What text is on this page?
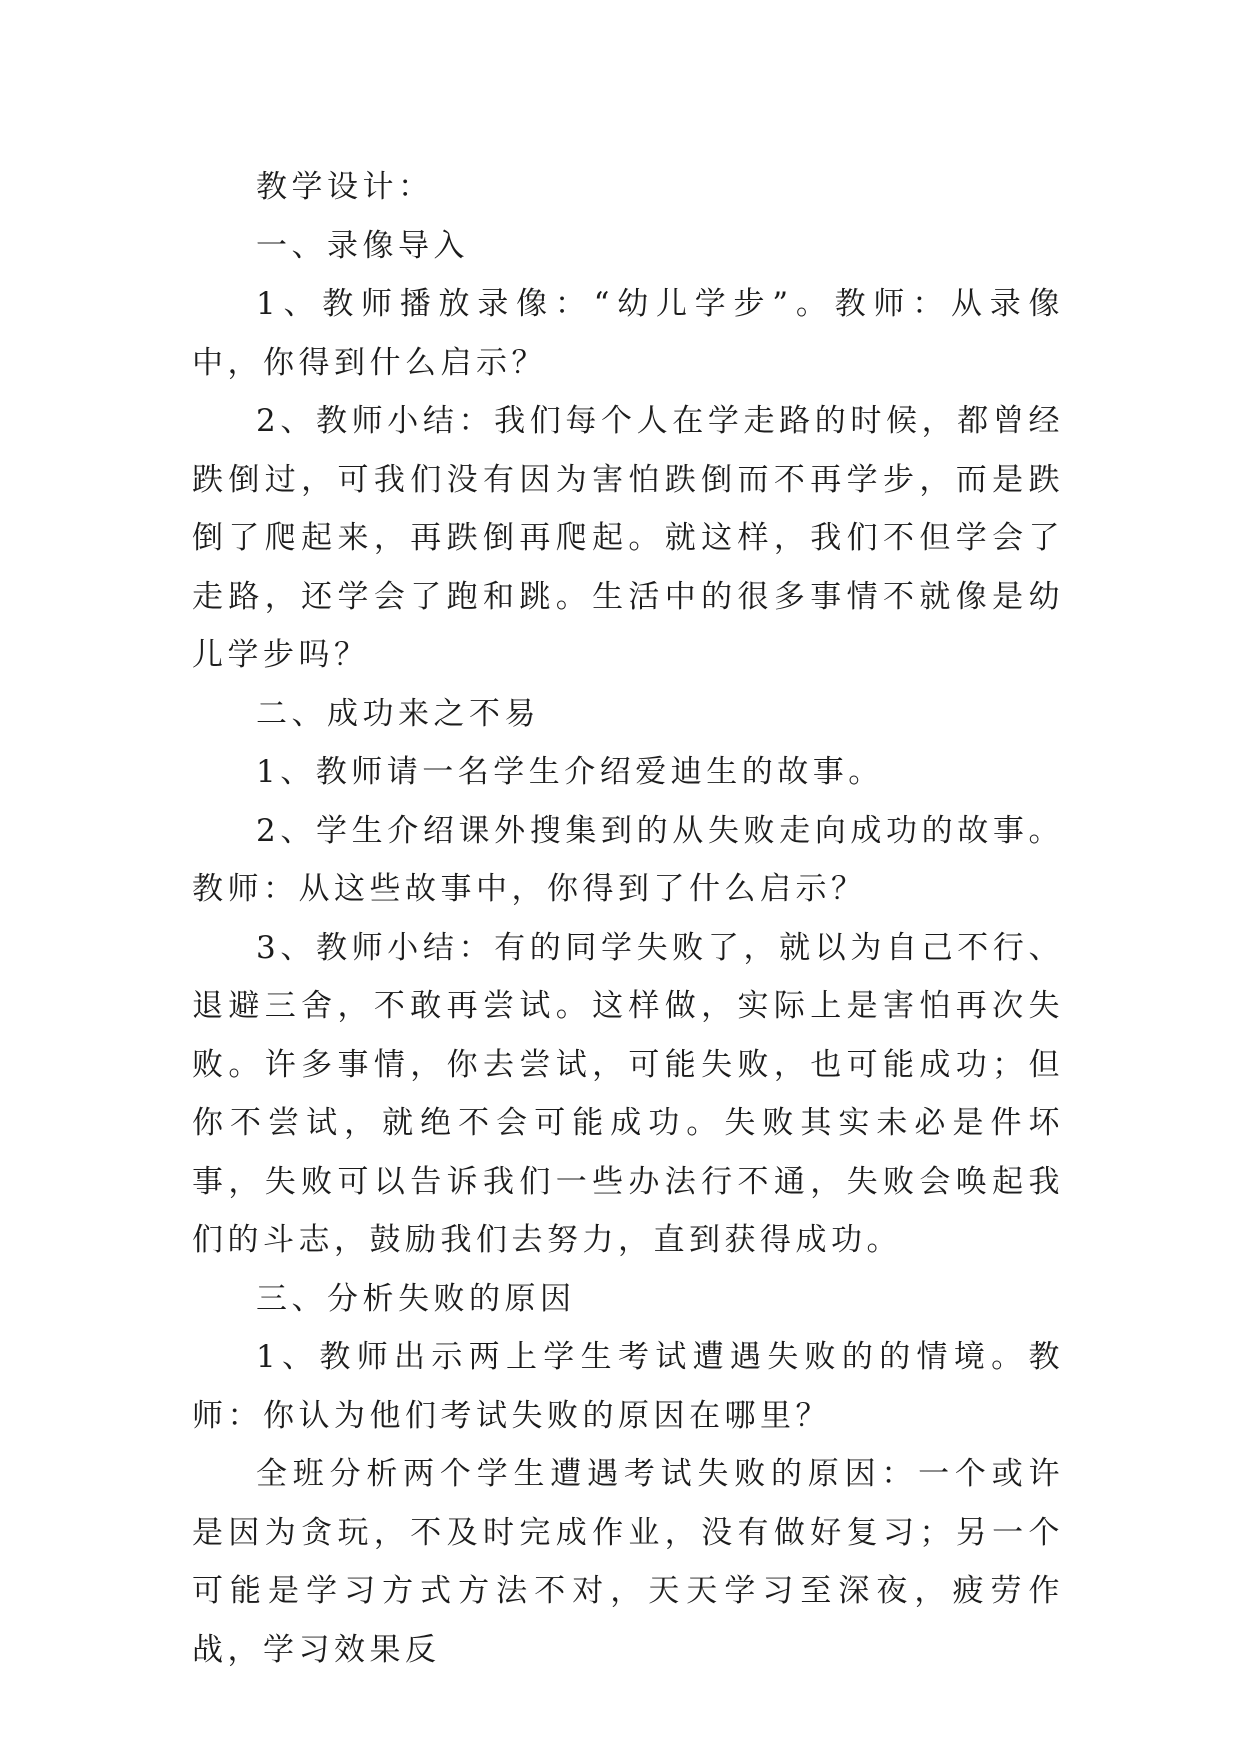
教学设计：

一、录像导入

1、教师播放录像：“幼儿学步”。教师：从录像中，你得到什么启示？

2、教师小结：我们每个人在学走路的时候，都曾经跌倒过，可我们没有因为害怕跌倒而不再学步，而是跌倒了爬起来，再跌倒再爬起。就这样，我们不但学会了走路，还学会了跑和跳。生活中的很多事情不就像是幼儿学步吗？

二、成功来之不易

1、教师请一名学生介绍爱迪生的故事。

2、学生介绍课外搜集到的从失败走向成功的故事。教师：从这些故事中，你得到了什么启示？

3、教师小结：有的同学失败了，就以为自己不行、退避三舍，不敢再尝试。这样做，实际上是害怕再次失败。许多事情，你去尝试，可能失败，也可能成功；但你不尝试，就绝不会可能成功。失败其实未必是件坏事，失败可以告诉我们一些办法行不通，失败会唤起我们的斗志，鼓励我们去努力，直到获得成功。

三、分析失败的原因

1、教师出示两上学生考试遭遇失败的的情境。教师：你认为他们考试失败的原因在哪里？

全班分析两个学生遭遇考试失败的原因：一个或许是因为贪玩，不及时完成作业，没有做好复习；另一个可能是学习方式方法不对，天天学习至深夜，疲劳作战，学习效果反
